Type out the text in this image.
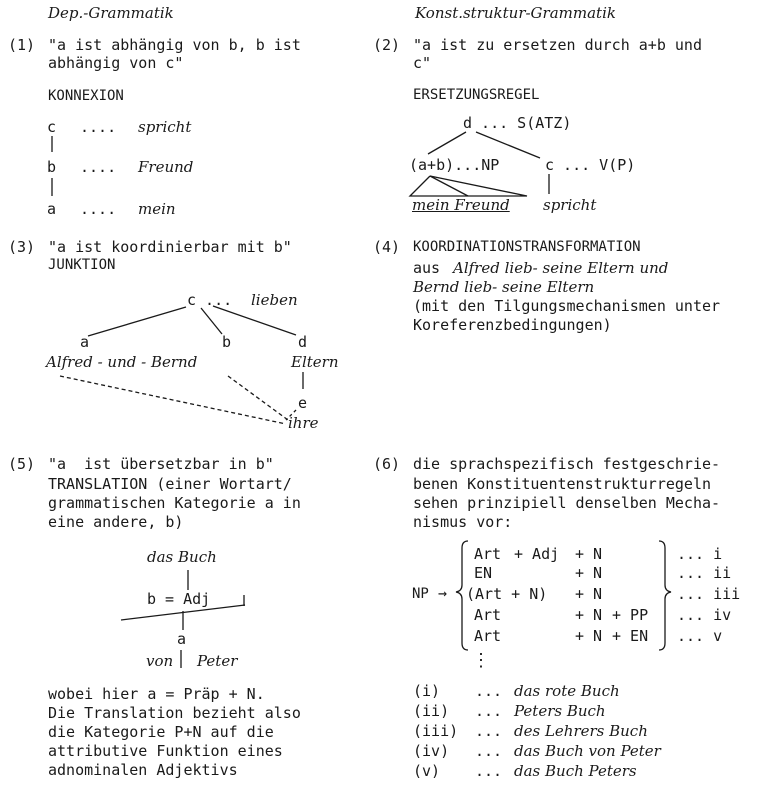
Dep.-Grammatik	Konst.struktur-Grammatik
(1) "a ist abhängig von b, b ist
abhängig von c"
KONNEXION
c .... spricht
b .... Freund
a .... mein
(2) "a ist zu ersetzen durch a+b und
c"
ERSETZUNGSREGEL
d ... S(ATZ)
(a+b)...NP	c ... V(P)
mein Freund spricht
(3) "a ist koordinierbar mit b"
JUNKTION
c ... lieben
a	b	d
Alfred - und - Bernd	Eltern
e
ihre
(4) KOORDINATIONSTRANSFORMATION
aus Alfred lieb- seine Eltern und
Bernd lieb- seine Eltern
(mit den Tilgungsmechanismen unter
Koreferenzbedingungen)
(5) "a  ist übersetzbar in b"
TRANSLATION (einer Wortart/
grammatischen Kategorie a in
eine andere, b)
das Buch
b = Adj
a
von Peter
wobei hier a = Präp + N.
Die Translation bezieht also
die Kategorie P+N auf die
attributive Funktion eines
adnominalen Adjektivs
(6) die sprachspezifisch festgeschrie-
benen Konstituentenstrukturregeln
sehen prinzipiell denselben Mecha-
nismus vor:
NP →
Art + Adj + N	... i
EN	+ N	... ii
(Art + N) + N	... iii
Art	+ N + PP ... iv
Art	+ N + EN ... v
⋮
(i) ... das rote Buch
(ii) ... Peters Buch
(iii) ... des Lehrers Buch
(iv) ... das Buch von Peter
(v) ... das Buch Peters
